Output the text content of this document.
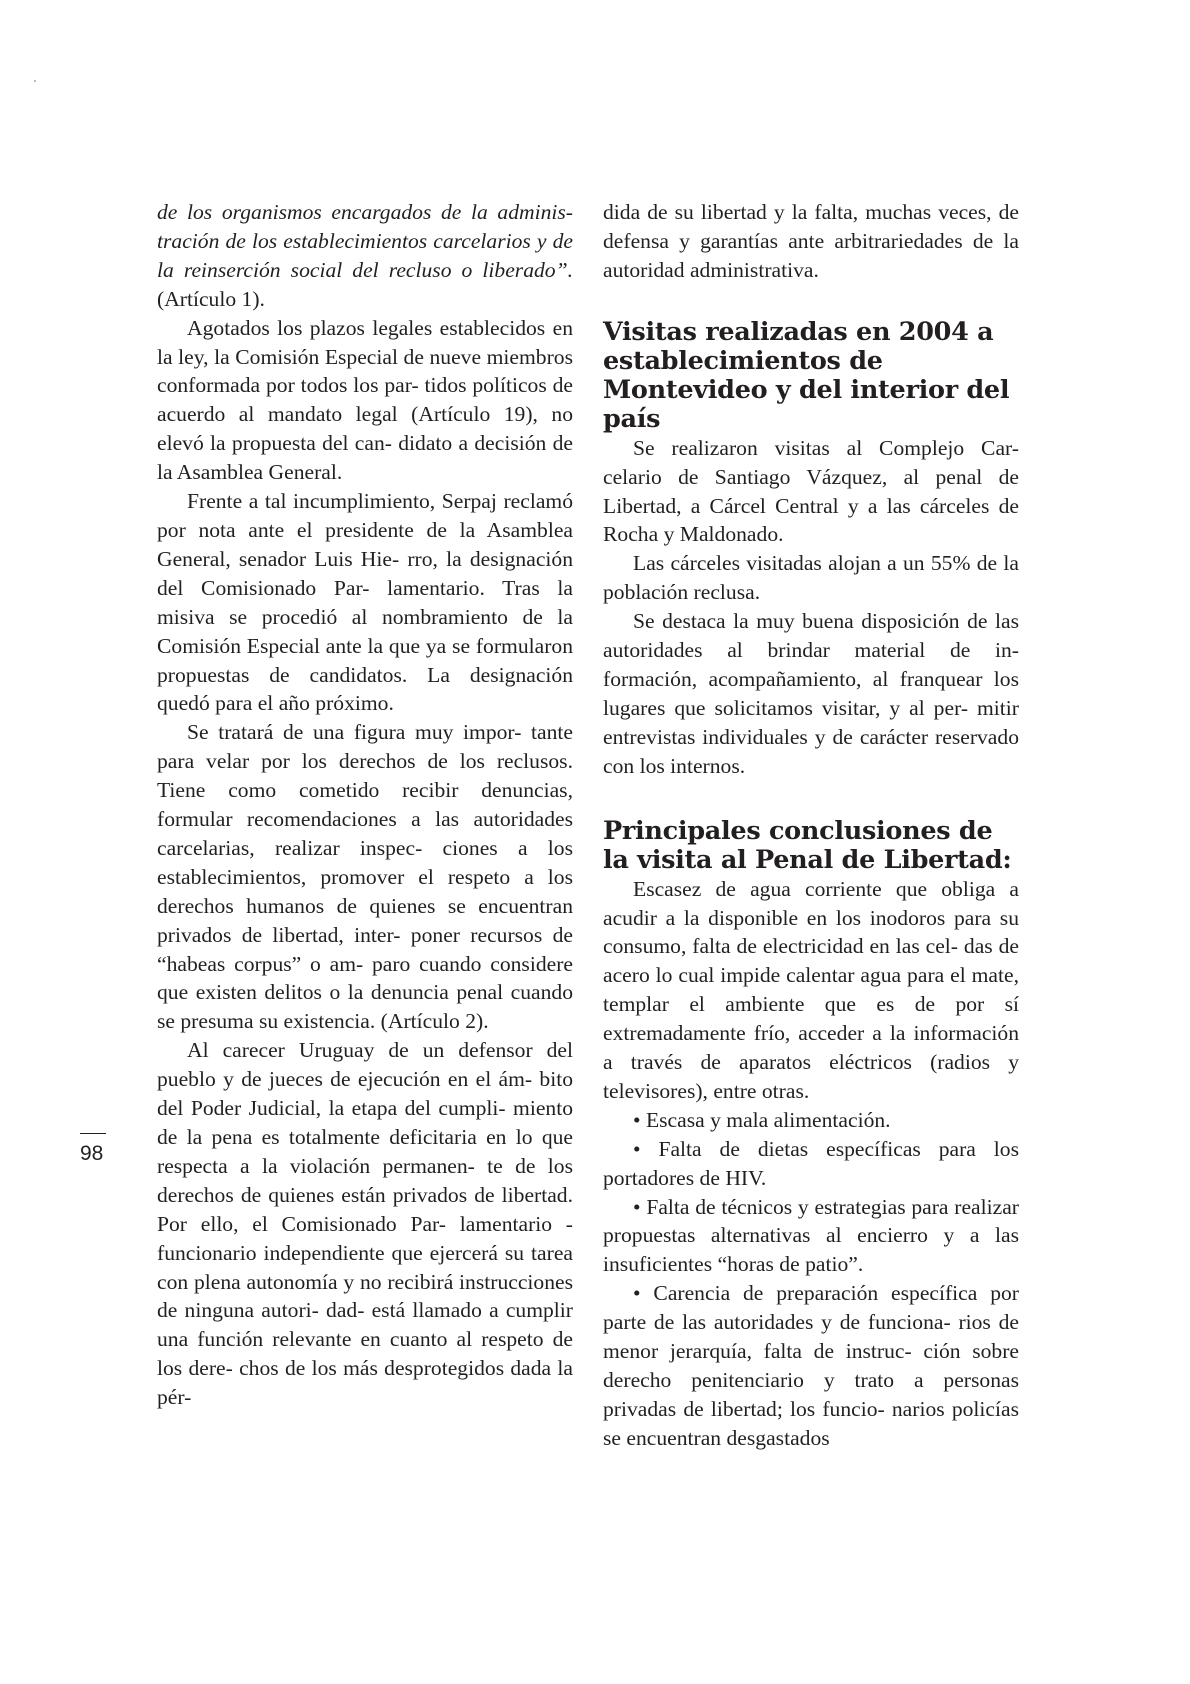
de los organismos encargados de la adminis- tración de los establecimientos carcelarios y de la reinserción social del recluso o liberado”. (Artículo 1).

Agotados los plazos legales establecidos en la ley, la Comisión Especial de nueve miembros conformada por todos los par- tidos políticos de acuerdo al mandato legal (Artículo 19), no elevó la propuesta del can- didato a decisión de la Asamblea General.

Frente a tal incumplimiento, Serpaj reclamó por nota ante el presidente de la Asamblea General, senador Luis Hie- rro, la designación del Comisionado Par- lamentario. Tras la misiva se procedió al nombramiento de la Comisión Especial ante la que ya se formularon propuestas de candidatos. La designación quedó para el año próximo.

Se tratará de una figura muy impor- tante para velar por los derechos de los reclusos. Tiene como cometido recibir denuncias, formular recomendaciones a las autoridades carcelarias, realizar inspec- ciones a los establecimientos, promover el respeto a los derechos humanos de quienes se encuentran privados de libertad, inter- poner recursos de “habeas corpus” o am- paro cuando considere que existen delitos o la denuncia penal cuando se presuma su existencia. (Artículo 2).

Al carecer Uruguay de un defensor del pueblo y de jueces de ejecución en el ám- bito del Poder Judicial, la etapa del cumpli- miento de la pena es totalmente deficitaria en lo que respecta a la violación permanen- te de los derechos de quienes están privados de libertad. Por ello, el Comisionado Par- lamentario -funcionario independiente que ejercerá su tarea con plena autonomía y no recibirá instrucciones de ninguna autori- dad- está llamado a cumplir una función relevante en cuanto al respeto de los dere- chos de los más desprotegidos dada la pér-

dida de su libertad y la falta, muchas veces, de defensa y garantías ante arbitrariedades de la autoridad administrativa.

Visitas realizadas en 2004 a establecimientos de Montevideo y del interior del país

Se realizaron visitas al Complejo Car- celario de Santiago Vázquez, al penal de Libertad, a Cárcel Central y a las cárceles de Rocha y Maldonado.

Las cárceles visitadas alojan a un 55% de la población reclusa.

Se destaca la muy buena disposición de las autoridades al brindar material de in- formación, acompañamiento, al franquear los lugares que solicitamos visitar, y al per- mitir entrevistas individuales y de carácter reservado con los internos.

Principales conclusiones de la visita al Penal de Libertad:

Escasez de agua corriente que obliga a acudir a la disponible en los inodoros para su consumo, falta de electricidad en las cel- das de acero lo cual impide calentar agua para el mate, templar el ambiente que es de por sí extremadamente frío, acceder a la información a través de aparatos eléctricos (radios y televisores), entre otras.

• Escasa y mala alimentación.

• Falta de dietas específicas para los portadores de HIV.

• Falta de técnicos y estrategias para realizar propuestas alternativas al encierro y a las insuficientes “horas de patio”.

• Carencia de preparación específica por parte de las autoridades y de funciona- rios de menor jerarquía, falta de instruc- ción sobre derecho penitenciario y trato a personas privadas de libertad; los funcio- narios policías se encuentran desgastados

98
